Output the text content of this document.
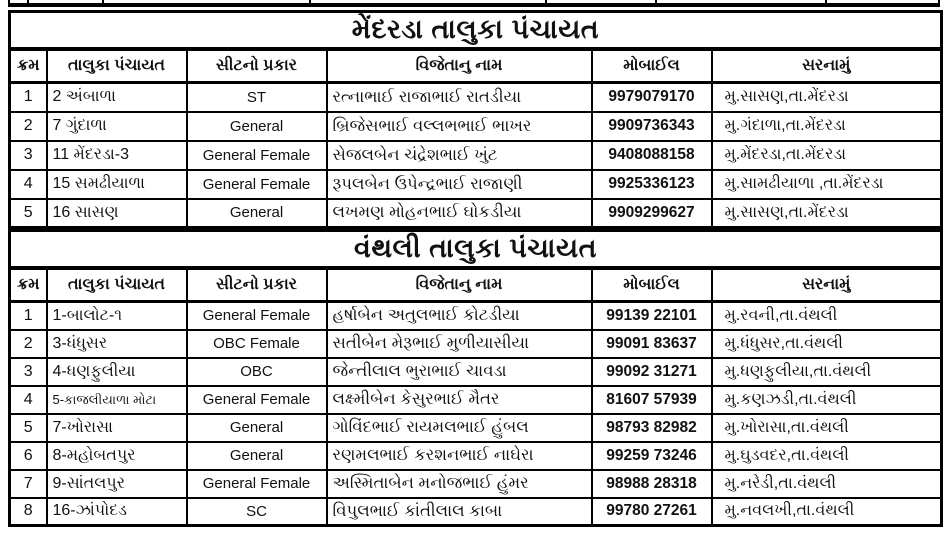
મેંદરડા તાલુકા પંચાયત					
ક્રમ	તાલુકા પંચાયત	સીટનો પ્રકાર	વિજેતાનુ નામ	મોબાઈલ	સરનામું
1	2 અંબાળા	ST	રત્નાભાઈ રાજાભાઈ રાતડીયા	9979079170	મુ.સાસણ,તા.મેંદરડા
2	7 ગુંદાળા	General	બ્રિજેસભાઈ વલ્લભભાઈ ભાખર	9909736343	મુ.ગંદાળા,તા.મેંદરડા
3	11 મેંદરડા-3	General Female	સેજલબેન ચંદ્રેશભાઈ ખુંટ	9408088158	મુ.મેંદરડા,તા.મેંદરડા
4	15 સમઢીયાળા	General Female	રૂપલબેન ઉપેન્દ્રભાઈ રાજાણી	9925336123	મુ.સામઢીયાળા ,તા.મેંદરડા
5	16 સાસણ	General	લખમણ મોહનભાઈ ઘોકડીયા	9909299627	મુ.સાસણ,તા.મેંદરડા
વંથલી તાલુકા પંચાયત					
ક્રમ	તાલુકા પંચાયત	સીટનો પ્રકાર	વિજેતાનુ નામ	મોબાઈલ	સરનામું
1	1-બાલોટ-૧	General Female	હર્ષાબેન અતુલભાઈ કોટડીયા	99139 22101	મુ.રવની,તા.વંથલી
2	3-ધંધુસર	OBC Female	સતીબેન મેરૂભાઈ મુળીયાસીયા	99091 83637	મુ.ધંધુસર,તા.વંથલી
3	4-ધણફુલીયા	OBC	જેન્તીલાલ ભુરાભાઈ ચાવડા	99092 31271	મુ.ધણફુલીયા,તા.વંથલી
4	5-કાજલીયાળા મોટા	General Female	લક્ષ્મીબેન કેસુરભાઈ મૈતર	81607 57939	મુ.કણઝડી,તા.વંથલી
5	7-ખોરાસા	General	ગોવિંદભાઈ રાયમલભાઈ હુંબલ	98793 82982	મુ.ખોરાસા,તા.વંથલી
6	8-મહોબતપુર	General	રણમલભાઈ કરશનભાઈ નાઘેરા	99259 73246	મુ.ઘુડવદર,તા.વંથલી
7	9-સાંતલપુર	General Female	અસ્મિતાબેન મનોજભાઈ હુંમર	98988 28318	મુ.નરેડી,તા.વંથલી
8	16-ઝાંપોદડ	SC	વિપુલભાઈ કાંતીલાલ કાબા	99780 27261	મુ.નવલખી,તા.વંથલી
